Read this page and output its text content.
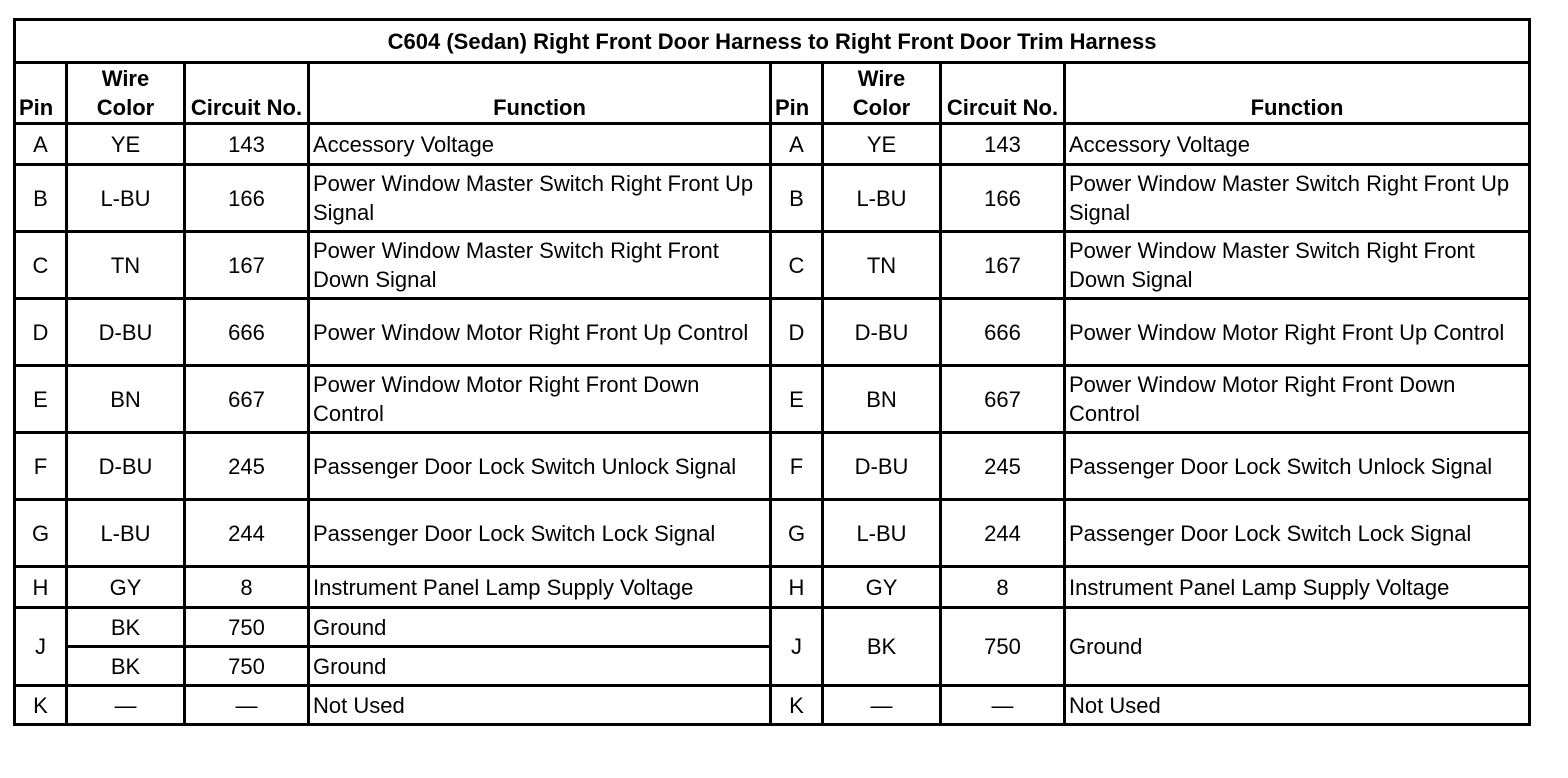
C604 (Sedan) Right Front Door Harness to Right Front Door Trim Harness							
Pin	Wire Color	Circuit No.	Function	Pin	Wire Color	Circuit No.	Function
A	YE	143	Accessory Voltage	A	YE	143	Accessory Voltage
B	L-BU	166	Power Window Master Switch Right Front Up Signal	B	L-BU	166	Power Window Master Switch Right Front Up Signal
C	TN	167	Power Window Master Switch Right Front Down Signal	C	TN	167	Power Window Master Switch Right Front Down Signal
D	D-BU	666	Power Window Motor Right Front Up Control	D	D-BU	666	Power Window Motor Right Front Up Control
E	BN	667	Power Window Motor Right Front Down Control	E	BN	667	Power Window Motor Right Front Down Control
F	D-BU	245	Passenger Door Lock Switch Unlock Signal	F	D-BU	245	Passenger Door Lock Switch Unlock Signal
G	L-BU	244	Passenger Door Lock Switch Lock Signal	G	L-BU	244	Passenger Door Lock Switch Lock Signal
H	GY	8	Instrument Panel Lamp Supply Voltage	H	GY	8	Instrument Panel Lamp Supply Voltage
J	BK	750	Ground	J	BK	750	Ground
	BK	750	Ground				
K	—	—	Not Used	K	—	—	Not Used
